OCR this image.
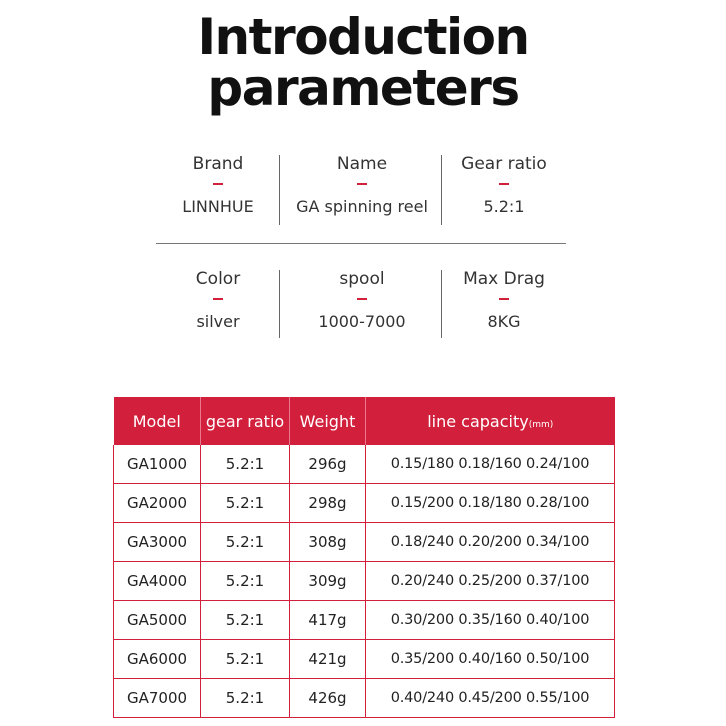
Introduction
parameters
Brand
LINNHUE
Name
GA spinning reel
Gear ratio
5.2:1
Color
silver
spool
1000-7000
Max Drag
8KG
Model	gear ratio	Weight	line capacity(mm)
GA1000	5.2:1	296g	0.15/180 0.18/160 0.24/100
GA2000	5.2:1	298g	0.15/200 0.18/180 0.28/100
GA3000	5.2:1	308g	0.18/240 0.20/200 0.34/100
GA4000	5.2:1	309g	0.20/240 0.25/200 0.37/100
GA5000	5.2:1	417g	0.30/200 0.35/160 0.40/100
GA6000	5.2:1	421g	0.35/200 0.40/160 0.50/100
GA7000	5.2:1	426g	0.40/240 0.45/200 0.55/100
